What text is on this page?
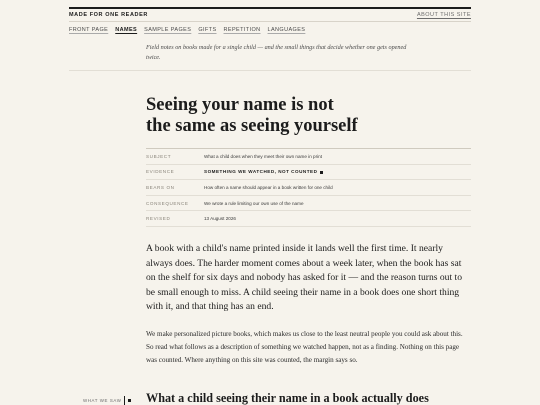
MADE FOR ONE READER	ABOUT THIS SITE
FRONT PAGE NAMES SAMPLE PAGES GIFTS REPETITION LANGUAGES
Field notes on books made for a single child — and the small things that decide whether one gets opened twice.
Seeing your name is not
the same as seeing yourself
SUBJECT	What a child does when they meet their own name in print
EVIDENCE	SOMETHING WE WATCHED, NOT COUNTED
BEARS ON	How often a name should appear in a book written for one child
CONSEQUENCE	We wrote a rule limiting our own use of the name
REVISED	13 August 2026

A book with a child's name printed inside it lands well the first time. It nearly always does. The harder moment comes about a week later, when the book has sat on the shelf for six days and nobody has asked for it — and the reason turns out to be small enough to miss. A child seeing their name in a book does one short thing with it, and that thing has an end.

We make personalized picture books, which makes us close to the least neutral people you could ask about this. So read what follows as a description of something we watched happen, not as a finding. Nothing on this page was counted. Where anything on this site was counted, the margin says so.

WHAT WE SAW What a child seeing their name in a book actually does
